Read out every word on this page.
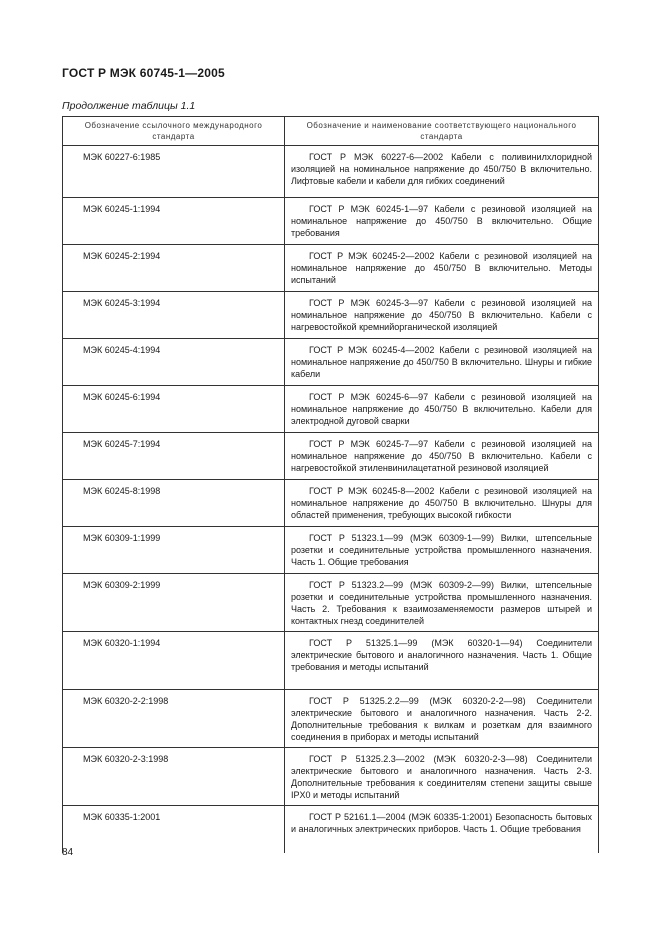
ГОСТ Р МЭК 60745-1—2005
Продолжение таблицы 1.1
Обозначение ссылочного международного стандарта	Обозначение и наименование соответствующего национального стандарта
МЭК 60227-6:1985	ГОСТ Р МЭК 60227-6—2002 Кабели с поливинилхлоридной изоляцией на номинальное напряжение до 450/750 В включительно. Лифтовые кабели и кабели для гибких соединений
МЭК 60245-1:1994	ГОСТ Р МЭК 60245-1—97 Кабели с резиновой изоляцией на номинальное напряжение до 450/750 В включительно. Общие требования
МЭК 60245-2:1994	ГОСТ Р МЭК 60245-2—2002 Кабели с резиновой изоляцией на номинальное напряжение до 450/750 В включительно. Методы испытаний
МЭК 60245-3:1994	ГОСТ Р МЭК 60245-3—97 Кабели с резиновой изоляцией на номинальное напряжение до 450/750 В включительно. Кабели с нагревостойкой кремнийорганической изоляцией
МЭК 60245-4:1994	ГОСТ Р МЭК 60245-4—2002 Кабели с резиновой изоляцией на номинальное напряжение до 450/750 В включительно. Шнуры и гибкие кабели
МЭК 60245-6:1994	ГОСТ Р МЭК 60245-6—97 Кабели с резиновой изоляцией на номинальное напряжение до 450/750 В включительно. Кабели для электродной дуговой сварки
МЭК 60245-7:1994	ГОСТ Р МЭК 60245-7—97 Кабели с резиновой изоляцией на номинальное напряжение до 450/750 В включительно. Кабели с нагревостойкой этиленвинилацетатной резиновой изоляцией
МЭК 60245-8:1998	ГОСТ Р МЭК 60245-8—2002 Кабели с резиновой изоляцией на номинальное напряжение до 450/750 В включительно. Шнуры для областей применения, требующих высокой гибкости
МЭК 60309-1:1999	ГОСТ Р 51323.1—99 (МЭК 60309-1—99) Вилки, штепсельные розетки и соединительные устройства промышленного назначения. Часть 1. Общие требования
МЭК 60309-2:1999	ГОСТ Р 51323.2—99 (МЭК 60309-2—99) Вилки, штепсельные розетки и соединительные устройства промышленного назначения. Часть 2. Требования к взаимозаменяемости размеров штырей и контактных гнезд соединителей
МЭК 60320-1:1994	ГОСТ Р 51325.1—99 (МЭК 60320-1—94) Соединители электрические бытового и аналогичного назначения. Часть 1. Общие требования и методы испытаний
МЭК 60320-2-2:1998	ГОСТ Р 51325.2.2—99 (МЭК 60320-2-2—98) Соединители электрические бытового и аналогичного назначения. Часть 2-2. Дополнительные требования к вилкам и розеткам для взаимного соединения в приборах и методы испытаний
МЭК 60320-2-3:1998	ГОСТ Р 51325.2.3—2002 (МЭК 60320-2-3—98) Соединители электрические бытового и аналогичного назначения. Часть 2-3. Дополнительные требования к соединителям степени защиты свыше IPX0 и методы испытаний
МЭК 60335-1:2001	ГОСТ Р 52161.1—2004 (МЭК 60335-1:2001) Безопасность бытовых и аналогичных электрических приборов. Часть 1. Общие требования
84
